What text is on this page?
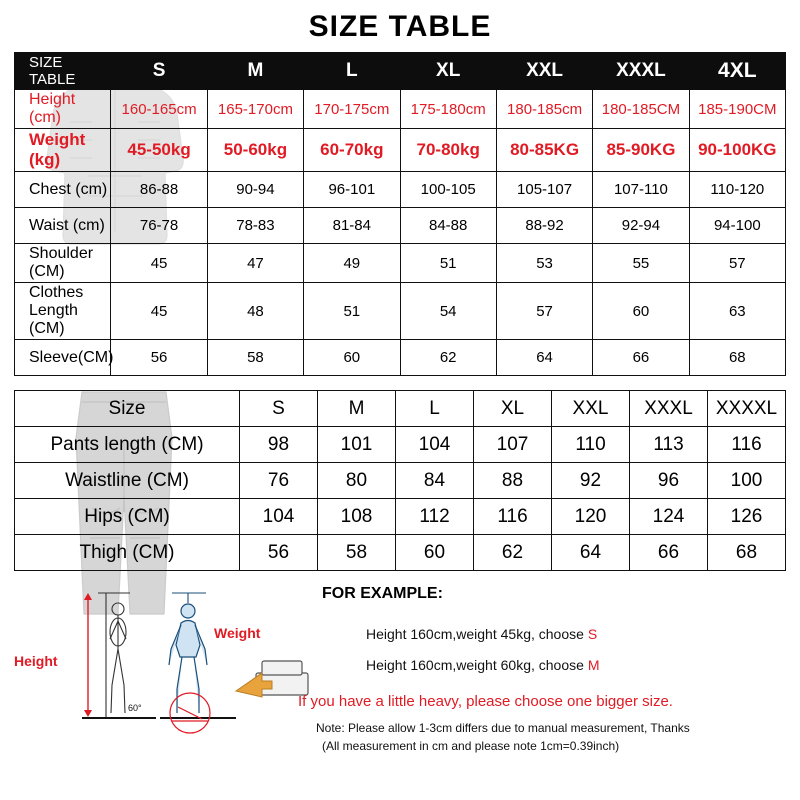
SIZE TABLE
SIZE TABLE	S	M	L	XL	XXL	XXXL	4XL
Height (cm)	160-165cm	165-170cm	170-175cm	175-180cm	180-185cm	180-185CM	185-190CM
Weight (kg)	45-50kg	50-60kg	60-70kg	70-80kg	80-85KG	85-90KG	90-100KG
Chest (cm)	86-88	90-94	96-101	100-105	105-107	107-110	110-120
Waist (cm)	76-78	78-83	81-84	84-88	88-92	92-94	94-100
Shoulder (CM)	45	47	49	51	53	55	57
Clothes Length (CM)	45	48	51	54	57	60	63
Sleeve(CM)	56	58	60	62	64	66	68
Size	S	M	L	XL	XXL	XXXL	XXXXL
Pants length (CM)	98	101	104	107	110	113	116
Waistline (CM)	76	80	84	88	92	96	100
Hips (CM)	104	108	112	116	120	124	126
Thigh (CM)	56	58	60	62	64	66	68
Height
Weight
60°
FOR EXAMPLE:
Height 160cm,weight 45kg, choose S
Height 160cm,weight 60kg, choose M
If you have a little heavy, please choose one bigger size.
Note: Please allow 1-3cm differs due to manual measurement, Thanks
(All measurement in cm and please note 1cm=0.39inch)
